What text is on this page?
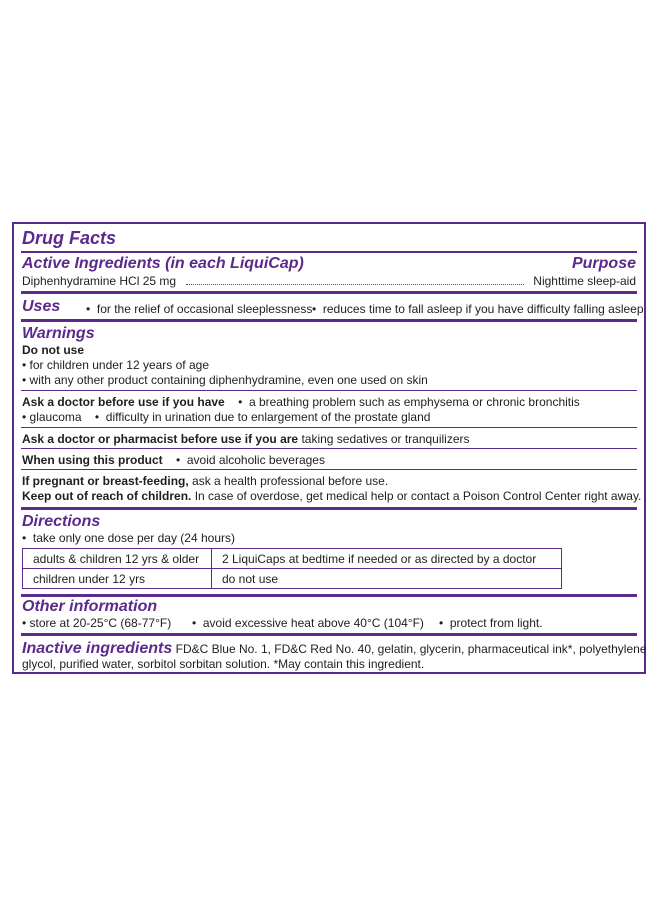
Drug Facts
Active Ingredients (in each LiquiCap)	Purpose
Diphenhydramine HCl 25 mg	Nighttime sleep-aid
Uses •  for the relief of occasional sleeplessness •  reduces time to fall asleep if you have difficulty falling asleep
Warnings
Do not use
• for children under 12 years of age
• with any other product containing diphenhydramine, even one used on skin
Ask a doctor before use if you have    •  a breathing problem such as emphysema or chronic bronchitis
• glaucoma    •  difficulty in urination due to enlargement of the prostate gland
Ask a doctor or pharmacist before use if you are taking sedatives or tranquilizers
When using this product    •  avoid alcoholic beverages
If pregnant or breast-feeding, ask a health professional before use.
Keep out of reach of children. In case of overdose, get medical help or contact a Poison Control Center right away.
Directions
•  take only one dose per day (24 hours)
adults & children 12 yrs & older	2 LiquiCaps at bedtime if needed or as directed by a doctor
children under 12 yrs	do not use
Other information
• store at 20-25°C (68-77°F) •  avoid excessive heat above 40°C (104°F) •  protect from light.
Inactive ingredients FD&C Blue No. 1, FD&C Red No. 40, gelatin, glycerin, pharmaceutical ink*, polyethylene
glycol, purified water, sorbitol sorbitan solution. *May contain this ingredient.
